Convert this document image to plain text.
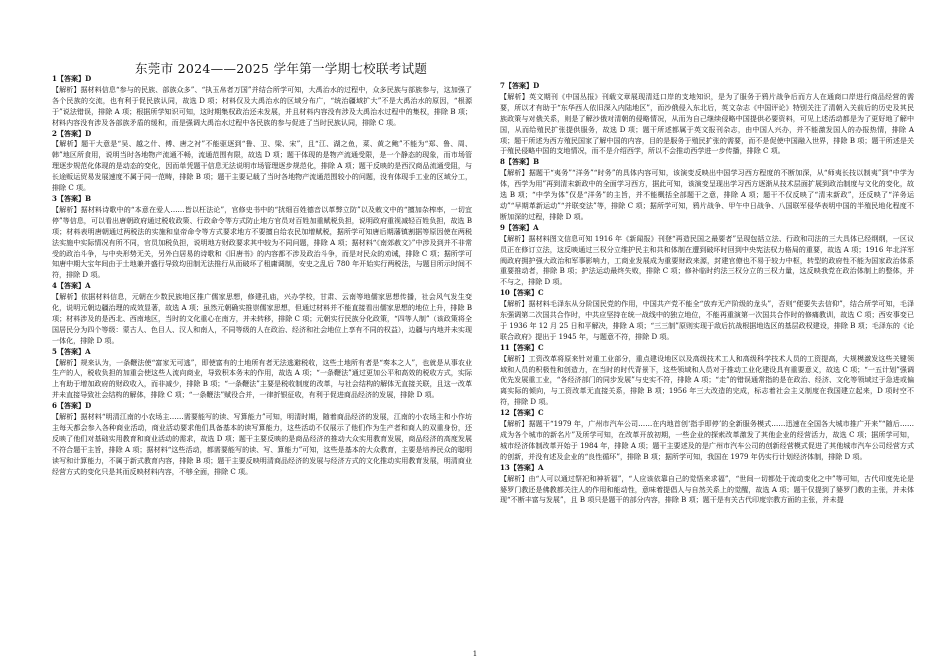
东莞市 2024——2025 学年第一学期七校联考试题
1【答案】D
【解析】据材料信息“参与的民族、部族众多”、“执玉帛者万国”并结合所学可知，大禹治水的过程中，众多民族与部族参与，这加强了各个民族的交流，也有利于促民族认同，故选 D 项；材料仅及大禹治水的区域分布广，“统治疆域扩大”不是大禹治水的原因，“根源于”说法错误，排除 A 项；根据所学知识可知，这时期集权政治还未发展，并且材料内容没有涉及大禹治水过程中的集权，排除 B 项；材料内容没有涉及各部族矛盾的缓和，而是强调大禹治水过程中各民族的参与促进了当时民族认同，排除 C 项。
2【答案】D
【解析】题干大意是“吴、越之什、傅、唐之衬”不能驱逐到“鲁、卫、梁、宋”，且“江、湖之鱼，菜、黄之鲍”不能为“郑、鲁、周、韩”地区所食用，说明当时各地物产流通不畅，流通范围有限，故选 D 项；题干体现的是物产流通受限，是一个静态的现象，而市场管理逐步规范化体现的是动态的变化，因而单凭题干信息无法说明市场管理逐步规范化，排除 A 项；题干反映的是西汉商品流通受阻，与长途贩运贸易发展速度不属于同一范畴，排除 B 项；题干主要记载了当时各地物产流通范围较小的问题，没有体现手工业的区域分工，排除 C 项。
3【答案】B
【解析】据材料诗歌中的“本意在爱人……皆以枉法论”，官修史书中的“扰细百姓德音以革弊立防”以及敕文中的“擅加杂榨率，一切宜停”等信息，可以看出唐朝政府通过税收政策、行政命令等方式防止地方官员对百姓加重赋税负担，说明政府重视减轻百姓负担，故选 B 项；材料表明唐朝通过两税法的实施和皇帝命令等方式要求地方不要擅自给农民加增赋税，据所学可知唐后期藩镇割据等原因使在两税法实施中实际情况有所不同，官员加税负担，说明地方财政要求其中较为不同问题，排除 A 项；据材料“《南郊赦文》”中涉及到并不非常受的政治斗争，与中央形势无关，另外白居易的诗歌和《旧唐书》的内容都不涉及政治斗争，而是对民众的劝诫，排除 C 项；据所学可知唐中期大宝年间由于土地兼并盛行导致均田制无法推行从而破坏了租庸调制，安史之乱后 780 年开始实行两税法，与题目所示时间不符，排除 D 项。
4【答案】A
【解析】依据材料信息，元朝在少数民族地区推广儒家思想，修建孔庙，兴办学校，甘肃、云南等地儒家思想传播，社会风气发生变化，说明元朝边疆治理的成效显著，故选 A 项；虽然元朝确实推崇儒家思想，但通过材料并不能直接看出儒家思想的地位上升，排除 B 项；材料涉及的是西北、西南地区，当时的文化重心在南方，并未转移，排除 C 项；元朝实行民族分化政策，“四等人制”（该政策将全国居民分为四个等级：蒙古人、色目人、汉人和南人，不同等级的人在政治、经济和社会地位上享有不同的权益），边疆与内地并未实现一体化，排除 D 项。
5【答案】A
【解析】规来认为，一条鞭法使“富家无可逃”，即使富有的土地所有者无法逃避税收，这些土地所有者是“奏本之人”，也就是从事农业生产的人，税收负担的加重会使这些人流向商业，导致积本务末的作用，故选 A 项；“一条鞭法”通过更加公平和高效的税收方式，实际上有助于增加政府的财政收入，而非减少，排除 B 项；“一条鞭法”主要是税收制度的改革，与社会结构的解体无直接关联，且这一改革并未直接导致社会结构的解体，排除 C 项；“一条鞭法”赋役合并，一律折银征收，有利于促进商品经济的发展，排除 D 项。
6【答案】D
【解析】据材料“明清江南的小农场主……需要能写的读、写算能力”可知，明清时期，随着商品经济的发展，江南的小农场主和小作坊主每天都会参入各种商业活动，商业活动要求他们具备基本的读写算能力，这些活动不仅展示了他们作为生产者和商人的双重身份，还反映了他们对基础实用教育和商业活动的需求，故选 D 项；题干主要反映的是商品经济的推动大众实用教育发展，商品经济的高度发展不符合题干主旨，排除 A 项；据材料“这些活动，都需要能写的读、写、算能力”可知，这些是基本的大众教育，主要是培养民众的聪明读写和计算能力，不属于新式教育内容，排除 B 项；题干主要反映明清商品经济的发展与经济方式的文化推动实用教育发展，明清商业经营方式的变化只是其而反映材料内容，不够全面，排除 C 项。
7【答案】D
【解析】英文期刊《中国丛报》刊载文章展现清廷口岸的支地知识，是为了服务于鸦片战争后而方人在通商口岸进行商品经营的需要，所以才有助于“东华西人依旧深入内陆地区”，而沙俄侵入东北后，英文杂志《中国评论》特别关注了清朝入关前后的历史及其民族政策与对俄关系，则是了解沙俄对清朝的侵略情况，从而为自己继续侵略中国提供必要资料，可见上述活动都是为了更好地了解中国，从而给殖民扩张提供服务，故选 D 项；题干所述都属于英文报刊杂志，由中国人兴办，并不能激发国人的办报热情，排除 A 项；题干所述为西方殖民国家了解中国的内容，目的是服务于殖民扩张的需要，而不是促使中国融入世界，排除 B 项；题干所述是关于殖民侵略中国的支地情况，而不是介绍西学，所以不会推动西学进一步传播，排除 C 项。
8【答案】B
【解析】据题干“夷务”“洋务”“时务”的具体内容可知，该演变反映出中国学习西方程度的不断加深，从“师夷长技以制夷”到“中学为体，西学为用”再到清末新政中的全面学习西方，据此可知，该演变呈现出学习西方逐渐从技术层面扩展到政治制度与文化的变化，故选 B 项；“中学为体”仅是“洋务”的主旨，并不能概括全部题干之意，排除 A 项；题干不仅反映了“清末新政”，还反映了“洋务运动”“早期革新运动”“并联变法”等，排除 C 项；据所学可知，鸦片战争、甲午中日战争、八国联军侵华表明中国的半殖民地化程度不断加深的过程，排除 D 项。
9【答案】A
【解析】据材料图文信息可知 1916 年《新闻报》刊登“再造民国之最要者”呈现包括立法、行政和司法的三大具体已经纲纲，一区议员正在修订立法，这反映通过三权分立维护民主和共和体制在遭到破坏时回到中央宪法权力格局的重要，故选 A 项；1916 年北洋军阀政府拥护强大政治和军事影响力，工商业发展成为重要财政来源，封建官僚也不易于较力中枢，转型的政府性不能为国家政治体系重要推动者，排除 B 项；护法运动最终失败，排除 C 项；修补临时约法三权分立的三权力量，这反映我党在政治体制上的整体，并不与之，排除 D 项。
10【答案】C
【解析】据材料毛泽东从分阶国民党的作用，中国共产党不能全“放弃无产阶级的龙头”，否则“便要失去信仰”，结合所学可知，毛泽东强调第二次国共合作时，中共应坚持在统一战线中的独立地位，不能再重演第一次国共合作时的修痛教训，故选 C 项；西安事变已于 1936 年 12 月 25 日和平解决，排除 A 项；“三三制”原则实现于敌后抗战根据地选区的基层政权建设，排除 B 项；毛泽东的《论联合政府》提出于 1945 年，与题意不符，排除 D 项。
11【答案】C
【解析】工资改革将原来针对重工业部分，重点建设地区以及高级技术工人和高级科学技术人员的工资提高，大规模激发这些关键领域和人员的积极性和创造力，在当时的时代背景下，这些领域和人员对于推动工业化建设具有重要意义，故选 C 项；“一五计划”强调优先发展重工业，“各经济部门的同步发展”与史实不符，排除 A 项；“走”的错误通常指的是在政治、经济、文化等领域过于急进或偏离实际的倾向，与工资改革无直接关系，排除 B 项；1956 年三大改造的完成，标志着社会主义制度在我国建立起来，D 项时空不符，排除 D 项。
12【答案】C
【解析】据题干“1979 年，广州市汽车公司……在内地首创‘指手即停’的全新服务模式……迅速在全国各大城市推广开来”“随后……成为各个城市的新名片”及所学可知，在改革开放初期，一些企业的探索改革激发了其他企业的经营活力，故选 C 项；据所学可知，城市经济体制改革开始于 1984 年，排除 A 项；题干主要述及的是广州市汽车公司的创新经营模式促进了其他城市汽车公司经营方式的创新，并没有述及企业的“良性循环”，排除 B 项；据所学可知，我国在 1979 年仍实行计划经济体制，排除 D 项。
13【答案】A
【解析】由“人可以通过祭祀和神祈福”，“人应该依靠自己的觉悟来求福”，“世间一切都处于流动变化之中”等可知，古代印度先论是婆罗门教还是佛教都关注人的作用和能动性，意味着提倡人与自然关系上的觉醒，故选 A 项；题干仅提到了婆罗门教的主张，并未体现“不断丰富与发展”，且 B 项只是题干的部分内容，排除 B 项；题干是有关古代印度宗教方面的主张，并未提
1
